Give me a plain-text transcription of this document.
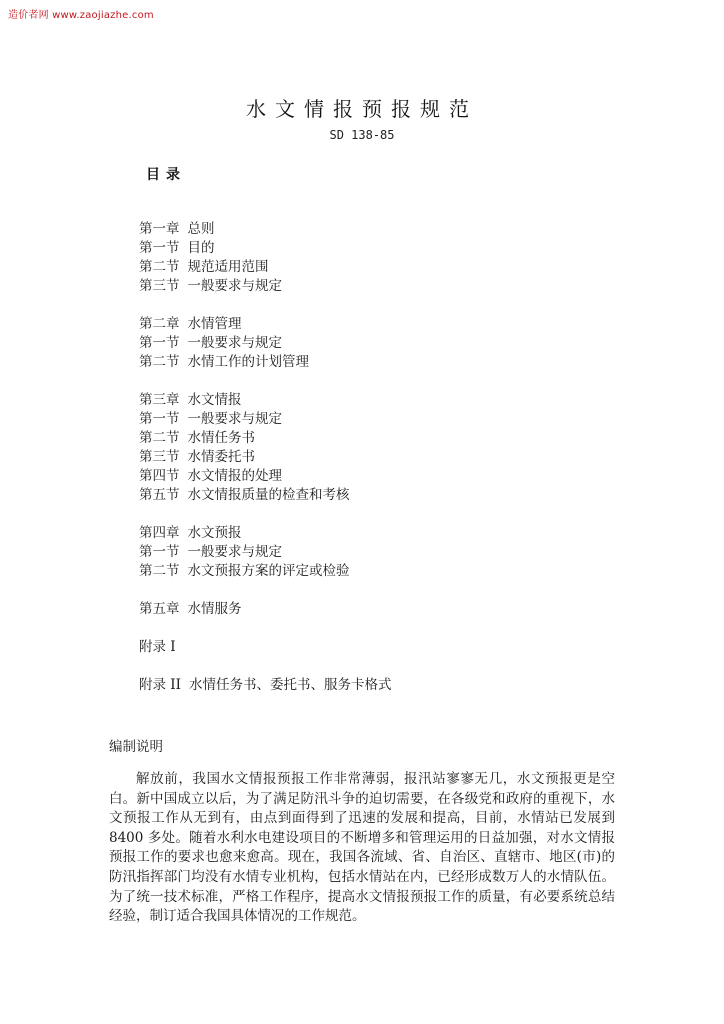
造价者网 www.zaojiazhe.com
水文情报预报规范
SD 138-85
目录
第一章 总则
第一节 目的
第二节 规范适用范围
第三节 一般要求与规定
第二章 水情管理
第一节 一般要求与规定
第二节 水情工作的计划管理
第三章 水文情报
第一节 一般要求与规定
第二节 水情任务书
第三节 水情委托书
第四节 水文情报的处理
第五节 水文情报质量的检查和考核
第四章 水文预报
第一节 一般要求与规定
第二节 水文预报方案的评定或检验
第五章 水情服务
附录 I
附录 II 水情任务书、委托书、服务卡格式
编制说明

解放前，我国水文情报预报工作非常薄弱，报汛站寥寥无几，水文预报更是空白。新中国成立以后，为了满足防汛斗争的迫切需要，在各级党和政府的重视下，水文预报工作从无到有，由点到面得到了迅速的发展和提高，目前，水情站已发展到8400 多处。随着水利水电建设项目的不断增多和管理运用的日益加强，对水文情报预报工作的要求也愈来愈高。现在，我国各流域、省、自治区、直辖市、地区(市)的防汛指挥部门均没有水情专业机构，包括水情站在内，已经形成数万人的水情队伍。为了统一技术标准，严格工作程序，提高水文情报预报工作的质量，有必要系统总结经验，制订适合我国具体情况的工作规范。
